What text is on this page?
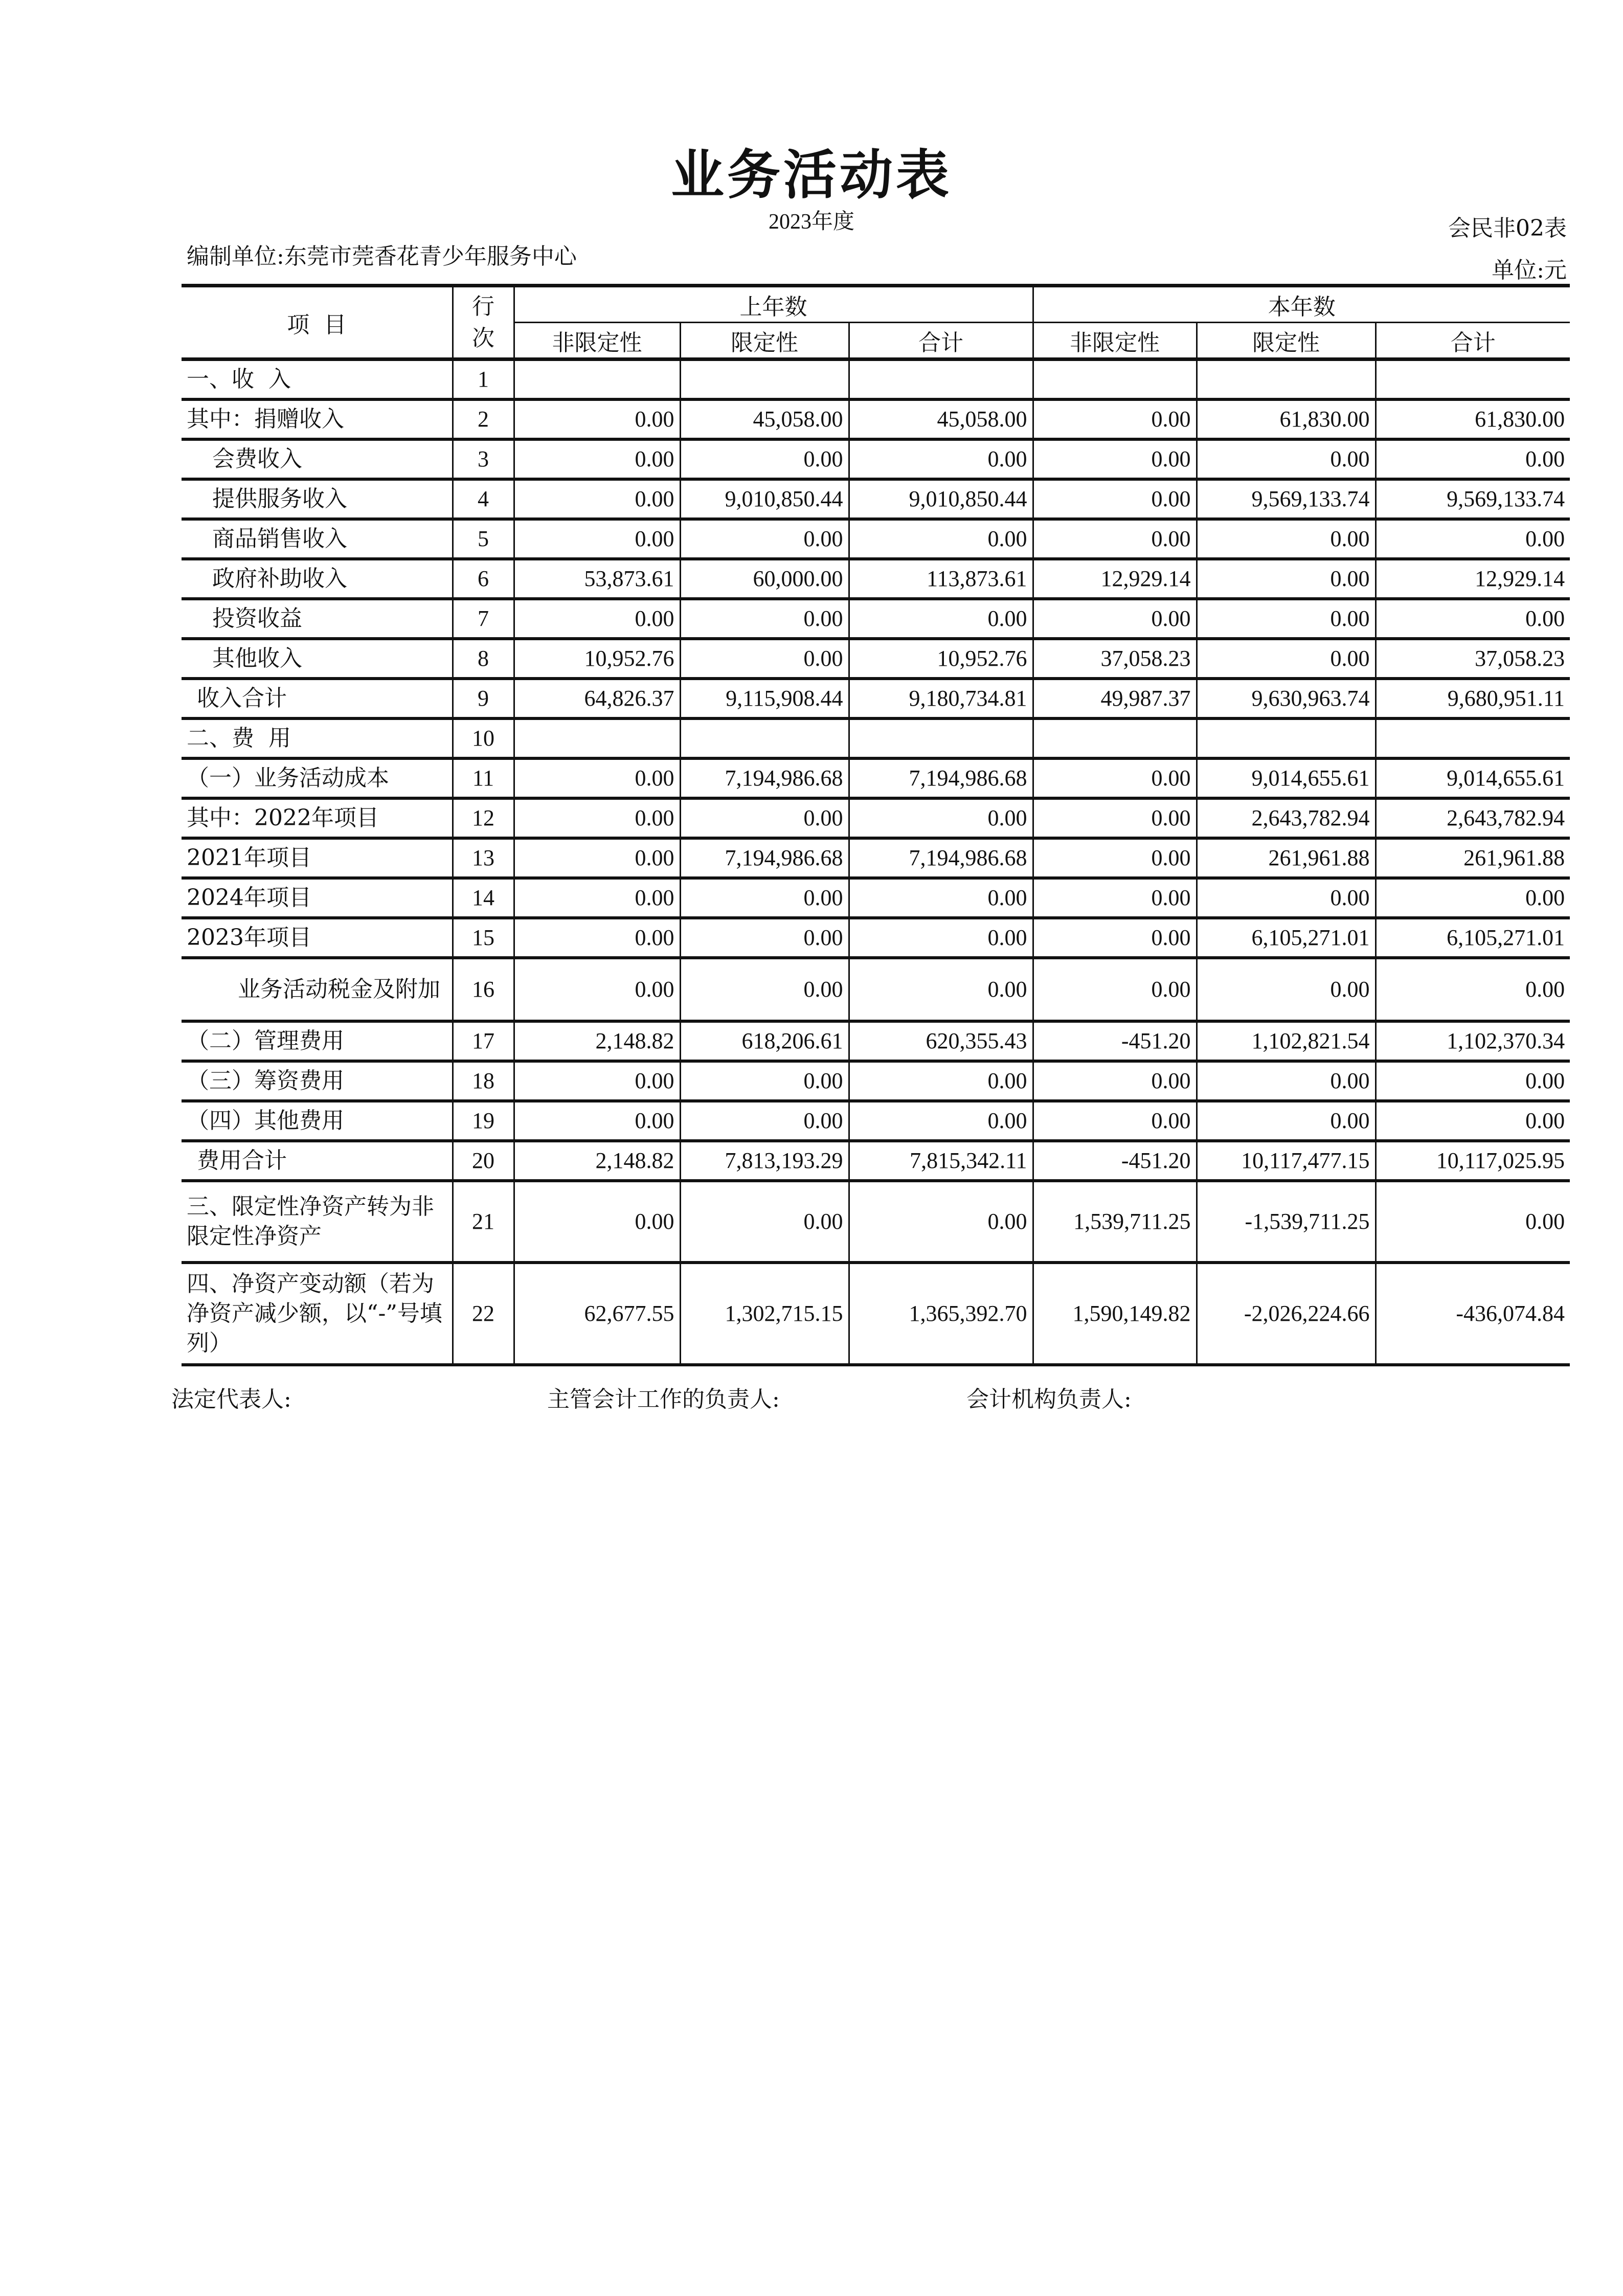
业务活动表
2023年度	会民非02表
编制单位:东莞市莞香花青少年服务中心
单位:元
项  目	行次	上年数			本年数		
		非限定性	限定性	合计	非限定性	限定性	合计
一、收  入	1						
其中：捐赠收入	2	0.00	45,058.00	45,058.00	0.00	61,830.00	61,830.00
会费收入	3	0.00	0.00	0.00	0.00	0.00	0.00
提供服务收入	4	0.00	9,010,850.44	9,010,850.44	0.00	9,569,133.74	9,569,133.74
商品销售收入	5	0.00	0.00	0.00	0.00	0.00	0.00
政府补助收入	6	53,873.61	60,000.00	113,873.61	12,929.14	0.00	12,929.14
投资收益	7	0.00	0.00	0.00	0.00	0.00	0.00
其他收入	8	10,952.76	0.00	10,952.76	37,058.23	0.00	37,058.23
收入合计	9	64,826.37	9,115,908.44	9,180,734.81	49,987.37	9,630,963.74	9,680,951.11
二、费  用	10						
（一）业务活动成本	11	0.00	7,194,986.68	7,194,986.68	0.00	9,014,655.61	9,014,655.61
其中：2022年项目	12	0.00	0.00	0.00	0.00	2,643,782.94	2,643,782.94
2021年项目	13	0.00	7,194,986.68	7,194,986.68	0.00	261,961.88	261,961.88
2024年项目	14	0.00	0.00	0.00	0.00	0.00	0.00
2023年项目	15	0.00	0.00	0.00	0.00	6,105,271.01	6,105,271.01
业务活动税金及附加	16	0.00	0.00	0.00	0.00	0.00	0.00
（二）管理费用	17	2,148.82	618,206.61	620,355.43	-451.20	1,102,821.54	1,102,370.34
（三）筹资费用	18	0.00	0.00	0.00	0.00	0.00	0.00
（四）其他费用	19	0.00	0.00	0.00	0.00	0.00	0.00
费用合计	20	2,148.82	7,813,193.29	7,815,342.11	-451.20	10,117,477.15	10,117,025.95
三、限定性净资产转为非限定性净资产	21	0.00	0.00	0.00	1,539,711.25	-1,539,711.25	0.00
四、净资产变动额（若为净资产减少额，以“-”号填列）	22	62,677.55	1,302,715.15	1,365,392.70	1,590,149.82	-2,026,224.66	-436,074.84
法定代表人:	主管会计工作的负责人:	会计机构负责人:
